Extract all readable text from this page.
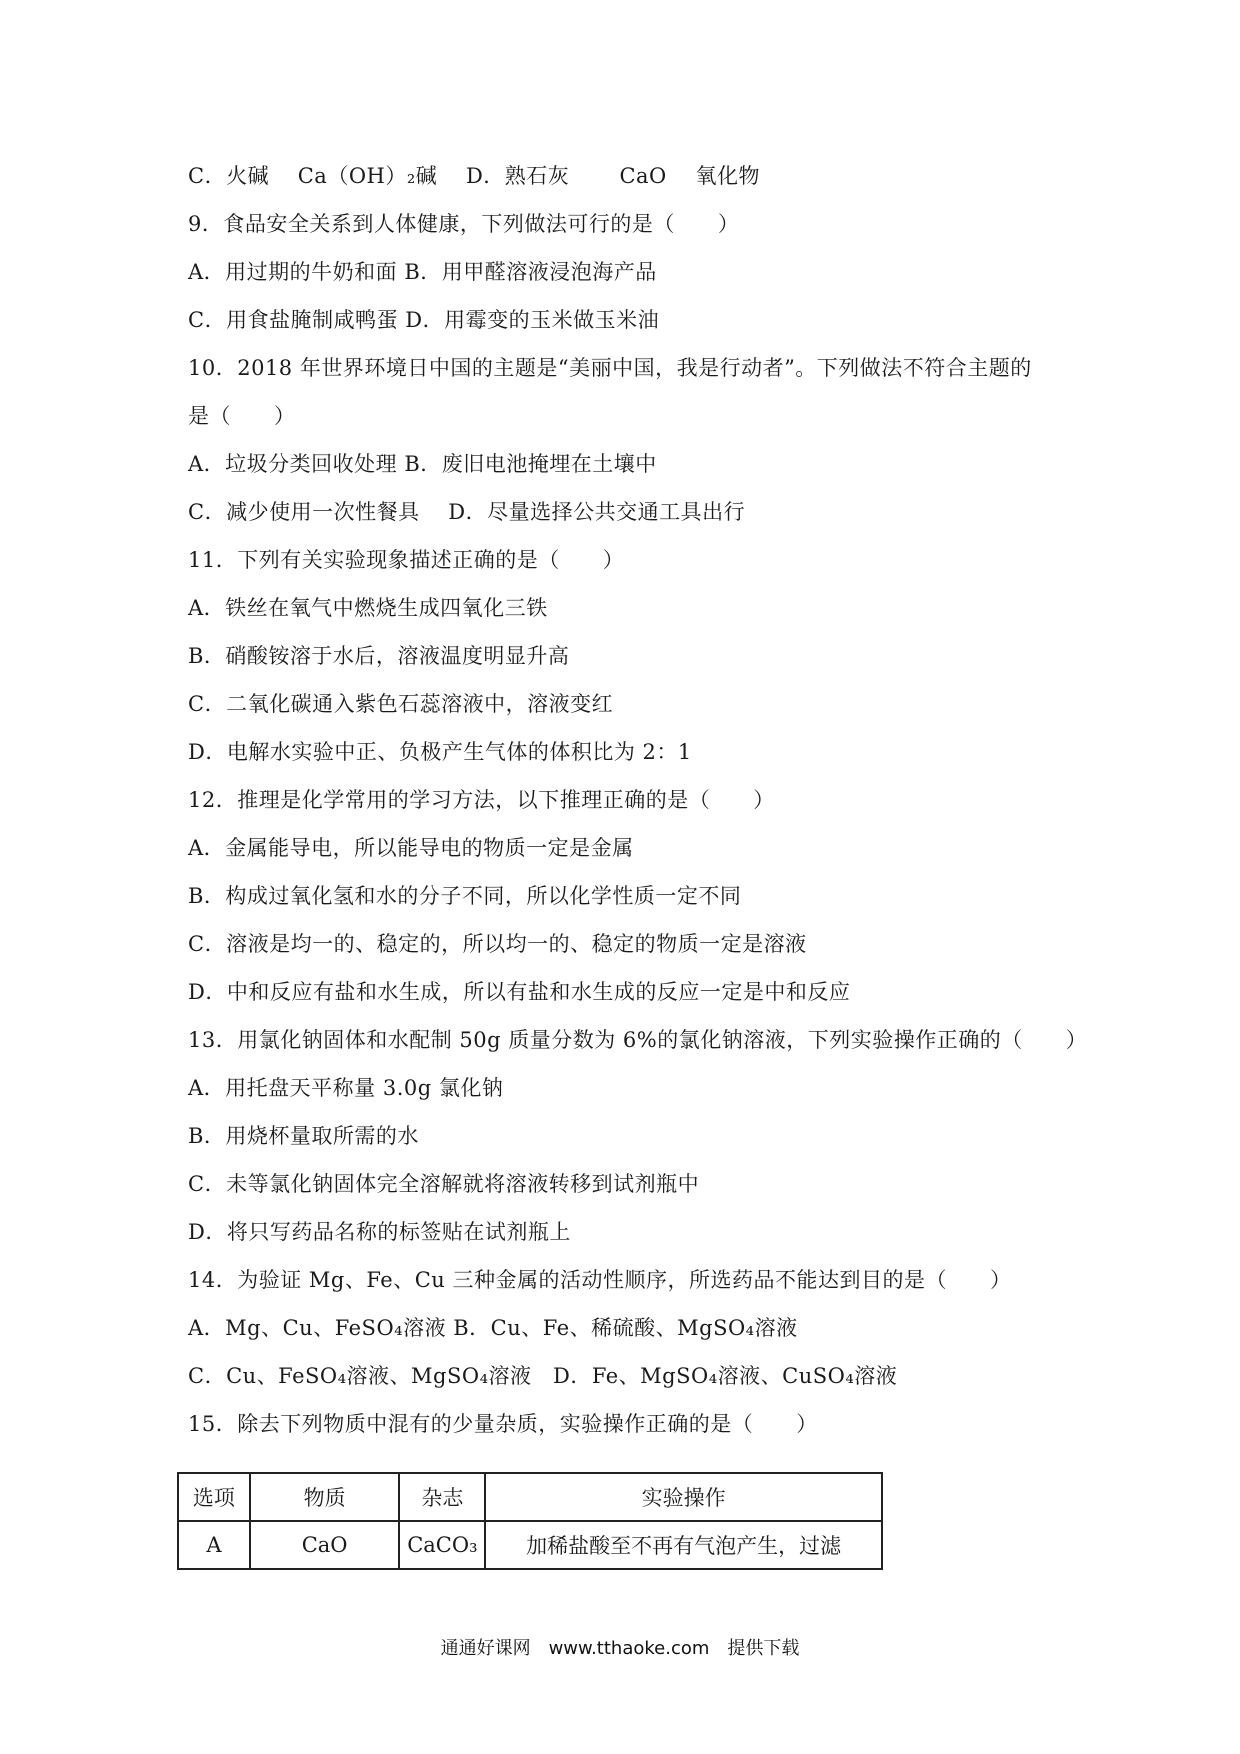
C．火碱　 Ca（OH）₂碱　 D．熟石灰　 　CaO　 氧化物
9．食品安全关系到人体健康，下列做法可行的是（　　）
A．用过期的牛奶和面 B．用甲醛溶液浸泡海产品
C．用食盐腌制咸鸭蛋 D．用霉变的玉米做玉米油
10．2018 年世界环境日中国的主题是“美丽中国，我是行动者”。下列做法不符合主题的
是（　　）
A．垃圾分类回收处理 B．废旧电池掩埋在土壤中
C．减少使用一次性餐具　 D．尽量选择公共交通工具出行
11．下列有关实验现象描述正确的是（　　）
A．铁丝在氧气中燃烧生成四氧化三铁
B．硝酸铵溶于水后，溶液温度明显升高
C．二氧化碳通入紫色石蕊溶液中，溶液变红
D．电解水实验中正、负极产生气体的体积比为 2：1
12．推理是化学常用的学习方法，以下推理正确的是（　　）
A．金属能导电，所以能导电的物质一定是金属
B．构成过氧化氢和水的分子不同，所以化学性质一定不同
C．溶液是均一的、稳定的，所以均一的、稳定的物质一定是溶液
D．中和反应有盐和水生成，所以有盐和水生成的反应一定是中和反应
13．用氯化钠固体和水配制 50g 质量分数为 6%的氯化钠溶液，下列实验操作正确的（　　）
A．用托盘天平称量 3.0g 氯化钠
B．用烧杯量取所需的水
C．未等氯化钠固体完全溶解就将溶液转移到试剂瓶中
D．将只写药品名称的标签贴在试剂瓶上
14．为验证 Mg、Fe、Cu 三种金属的活动性顺序，所选药品不能达到目的是（　　）
A．Mg、Cu、FeSO₄溶液 B．Cu、Fe、稀硫酸、MgSO₄溶液
C．Cu、FeSO₄溶液、MgSO₄溶液　D．Fe、MgSO₄溶液、CuSO₄溶液
15．除去下列物质中混有的少量杂质，实验操作正确的是（　　）
选项	物质	杂志	实验操作
A	CaO	CaCO₃	加稀盐酸至不再有气泡产生，过滤
通通好课网　www.tthaoke.com　提供下载
